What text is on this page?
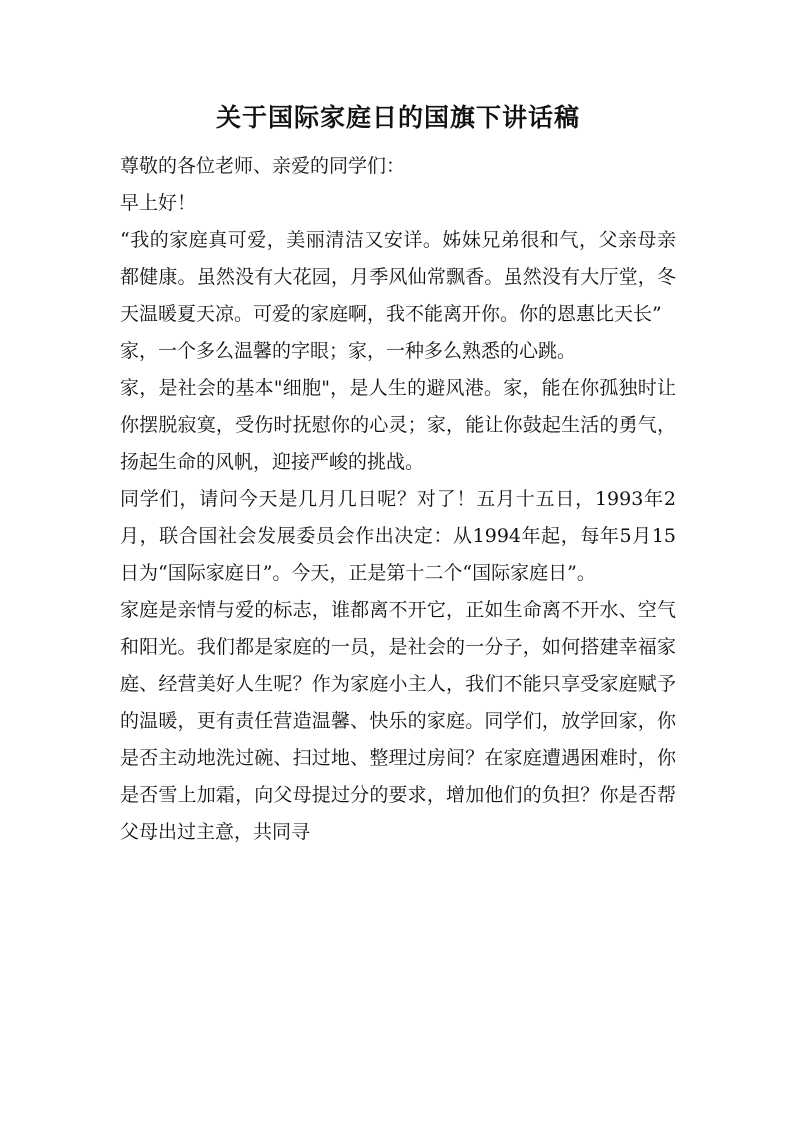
关于国际家庭日的国旗下讲话稿

尊敬的各位老师、亲爱的同学们：

早上好！

“我的家庭真可爱，美丽清洁又安详。姊妹兄弟很和气，父亲母亲都健康。虽然没有大花园，月季风仙常飘香。虽然没有大厅堂，冬天温暖夏天凉。可爱的家庭啊，我不能离开你。你的恩惠比天长”

家，一个多么温馨的字眼；家，一种多么熟悉的心跳。

家，是社会的基本"细胞"，是人生的避风港。家，能在你孤独时让你摆脱寂寞，受伤时抚慰你的心灵；家，能让你鼓起生活的勇气，扬起生命的风帆，迎接严峻的挑战。

同学们，请问今天是几月几日呢？对了！五月十五日，1993年2月，联合国社会发展委员会作出决定：从1994年起，每年5月15日为“国际家庭日”。今天，正是第十二个“国际家庭日”。

家庭是亲情与爱的标志，谁都离不开它，正如生命离不开水、空气和阳光。我们都是家庭的一员，是社会的一分子，如何搭建幸福家庭、经营美好人生呢？作为家庭小主人，我们不能只享受家庭赋予的温暖，更有责任营造温馨、快乐的家庭。同学们，放学回家，你是否主动地洗过碗、扫过地、整理过房间？在家庭遭遇困难时，你是否雪上加霜，向父母提过分的要求，增加他们的负担？你是否帮父母出过主意，共同寻
